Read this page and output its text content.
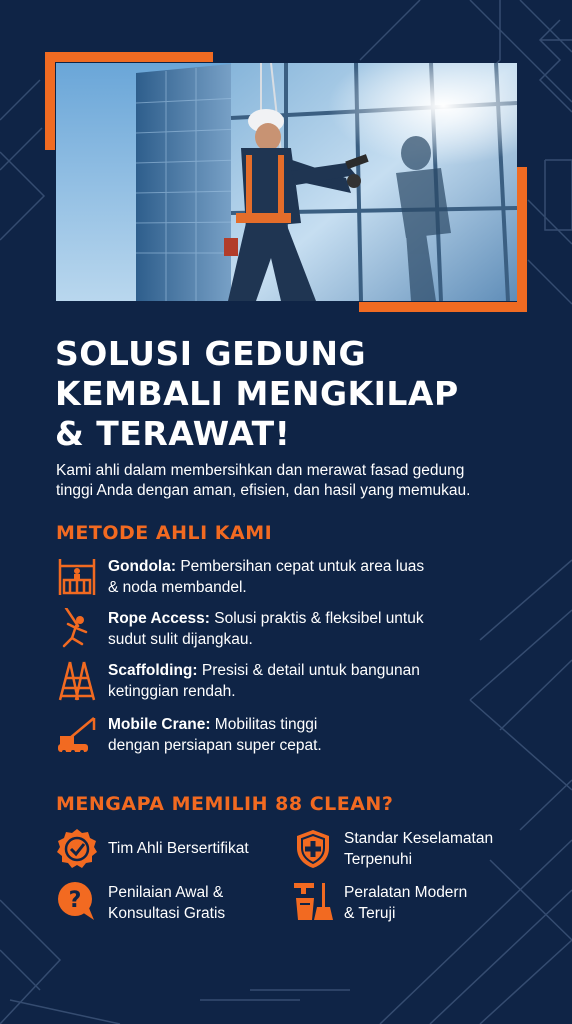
SOLUSI GEDUNG
KEMBALI MENGKILAP
& TERAWAT!

Kami ahli dalam membersihkan dan merawat fasad gedung
tinggi Anda dengan aman, efisien, dan hasil yang memukau.

METODE AHLI KAMI
Gondola: Pembersihan cepat untuk area luas
& noda membandel.
Rope Access: Solusi praktis & fleksibel untuk
sudut sulit dijangkau.
Scaffolding: Presisi & detail untuk bangunan
ketinggian rendah.
Mobile Crane: Mobilitas tinggi
dengan persiapan super cepat.
MENGAPA MEMILIH 88 CLEAN?
Tim Ahli Bersertifikat
Standar Keselamatan
Terpenuhi
? Penilaian Awal &
Konsultasi Gratis
Peralatan Modern
& Teruji
